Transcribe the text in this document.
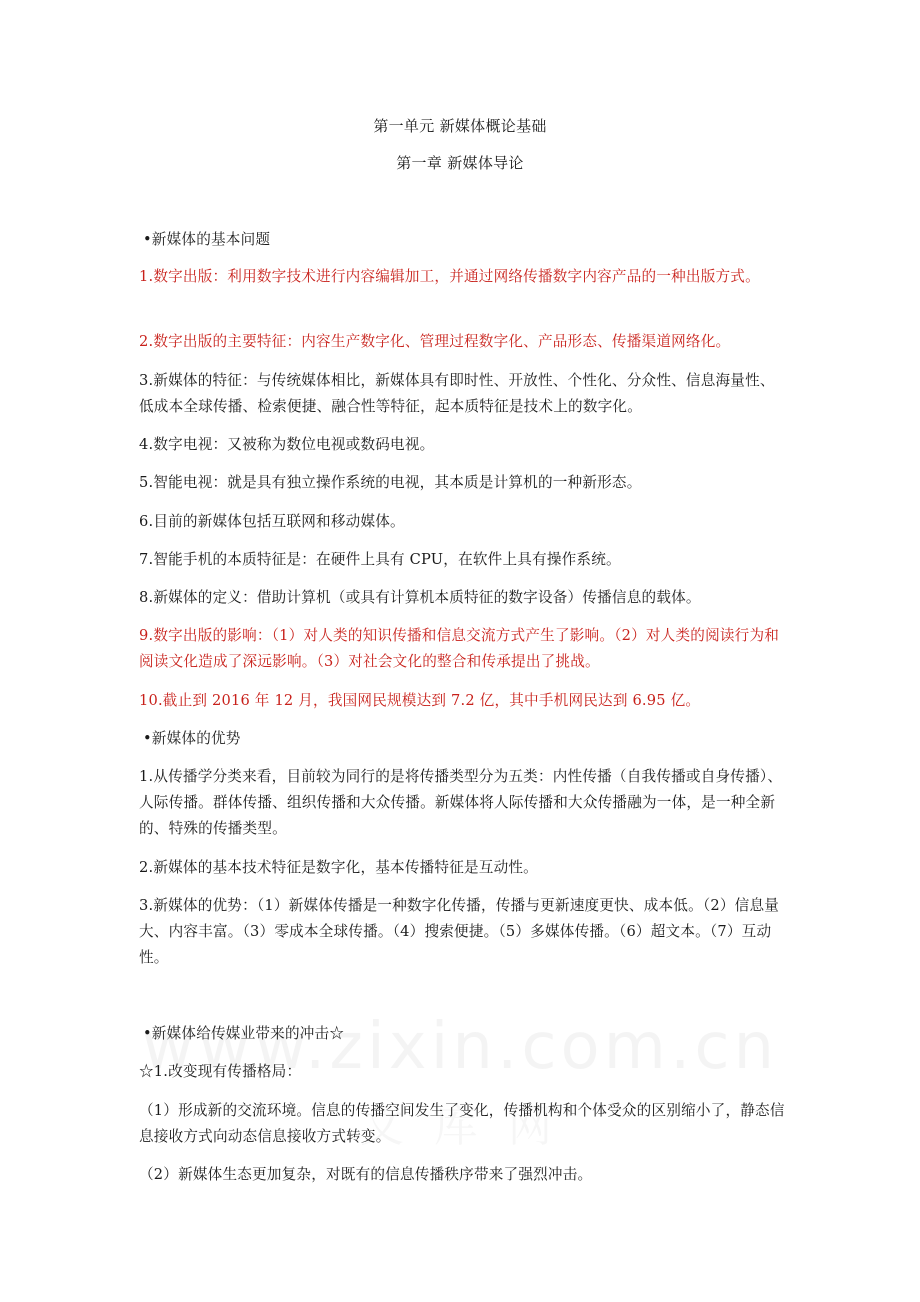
第一单元 新媒体概论基础
第一章 新媒体导论

•新媒体的基本问题

1.数字出版：利用数字技术进行内容编辑加工，并通过网络传播数字内容产品的一种出版方式。

2.数字出版的主要特征：内容生产数字化、管理过程数字化、产品形态、传播渠道网络化。

3.新媒体的特征：与传统媒体相比，新媒体具有即时性、开放性、个性化、分众性、信息海量性、低成本全球传播、检索便捷、融合性等特征，起本质特征是技术上的数字化。

4.数字电视：又被称为数位电视或数码电视。

5.智能电视：就是具有独立操作系统的电视，其本质是计算机的一种新形态。

6.目前的新媒体包括互联网和移动媒体。

7.智能手机的本质特征是：在硬件上具有 CPU，在软件上具有操作系统。

8.新媒体的定义：借助计算机（或具有计算机本质特征的数字设备）传播信息的载体。

9.数字出版的影响：（1）对人类的知识传播和信息交流方式产生了影响。（2）对人类的阅读行为和阅读文化造成了深远影响。（3）对社会文化的整合和传承提出了挑战。

10.截止到 2016 年 12 月，我国网民规模达到 7.2 亿，其中手机网民达到 6.95 亿。

•新媒体的优势

1.从传播学分类来看，目前较为同行的是将传播类型分为五类：内性传播（自我传播或自身传播）、人际传播。群体传播、组织传播和大众传播。新媒体将人际传播和大众传播融为一体，是一种全新的、特殊的传播类型。

2.新媒体的基本技术特征是数字化，基本传播特征是互动性。

3.新媒体的优势：（1）新媒体传播是一种数字化传播，传播与更新速度更快、成本低。（2）信息量大、内容丰富。（3）零成本全球传播。（4）搜索便捷。（5）多媒体传播。（6）超文本。（7）互动性。

•新媒体给传媒业带来的冲击☆

☆1.改变现有传播格局：

（1）形成新的交流环境。信息的传播空间发生了变化，传播机构和个体受众的区别缩小了，静态信息接收方式向动态信息接收方式转变。

（2）新媒体生态更加复杂，对既有的信息传播秩序带来了强烈冲击。
